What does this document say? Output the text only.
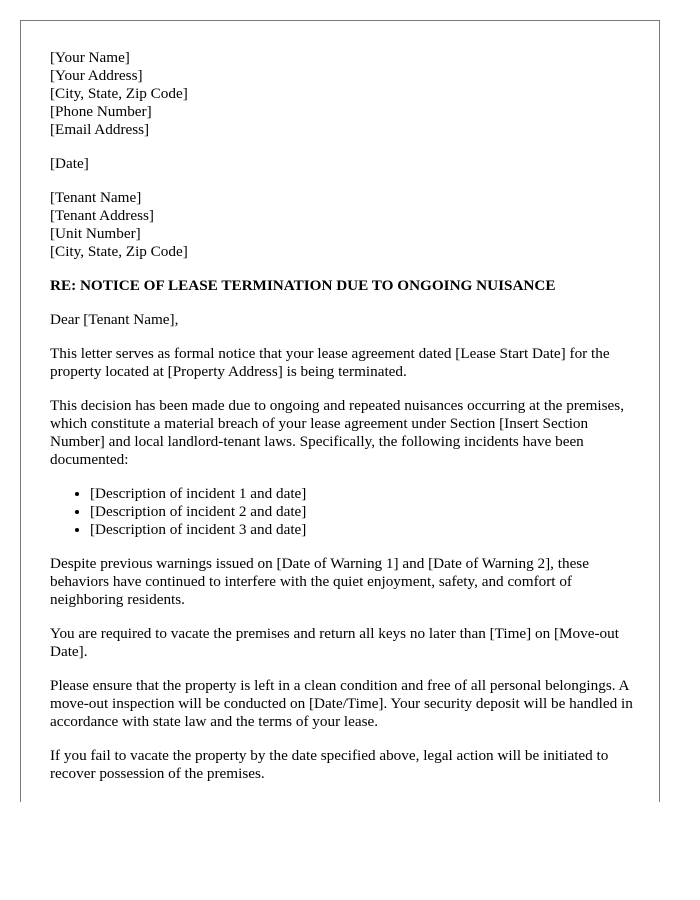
[Your Name]
[Your Address]
[City, State, Zip Code]
[Phone Number]
[Email Address]
[Date]
[Tenant Name]
[Tenant Address]
[Unit Number]
[City, State, Zip Code]
RE: NOTICE OF LEASE TERMINATION DUE TO ONGOING NUISANCE

Dear [Tenant Name],

This letter serves as formal notice that your lease agreement dated [Lease Start Date] for the property located at [Property Address] is being terminated.

This decision has been made due to ongoing and repeated nuisances occurring at the premises, which constitute a material breach of your lease agreement under Section [Insert Section Number] and local landlord-tenant laws. Specifically, the following incidents have been documented:

• [Description of incident 1 and date]
• [Description of incident 2 and date]
• [Description of incident 3 and date]

Despite previous warnings issued on [Date of Warning 1] and [Date of Warning 2], these behaviors have continued to interfere with the quiet enjoyment, safety, and comfort of neighboring residents.

You are required to vacate the premises and return all keys no later than [Time] on [Move-out Date].

Please ensure that the property is left in a clean condition and free of all personal belongings. A move-out inspection will be conducted on [Date/Time]. Your security deposit will be handled in accordance with state law and the terms of your lease.

If you fail to vacate the property by the date specified above, legal action will be initiated to recover possession of the premises.
